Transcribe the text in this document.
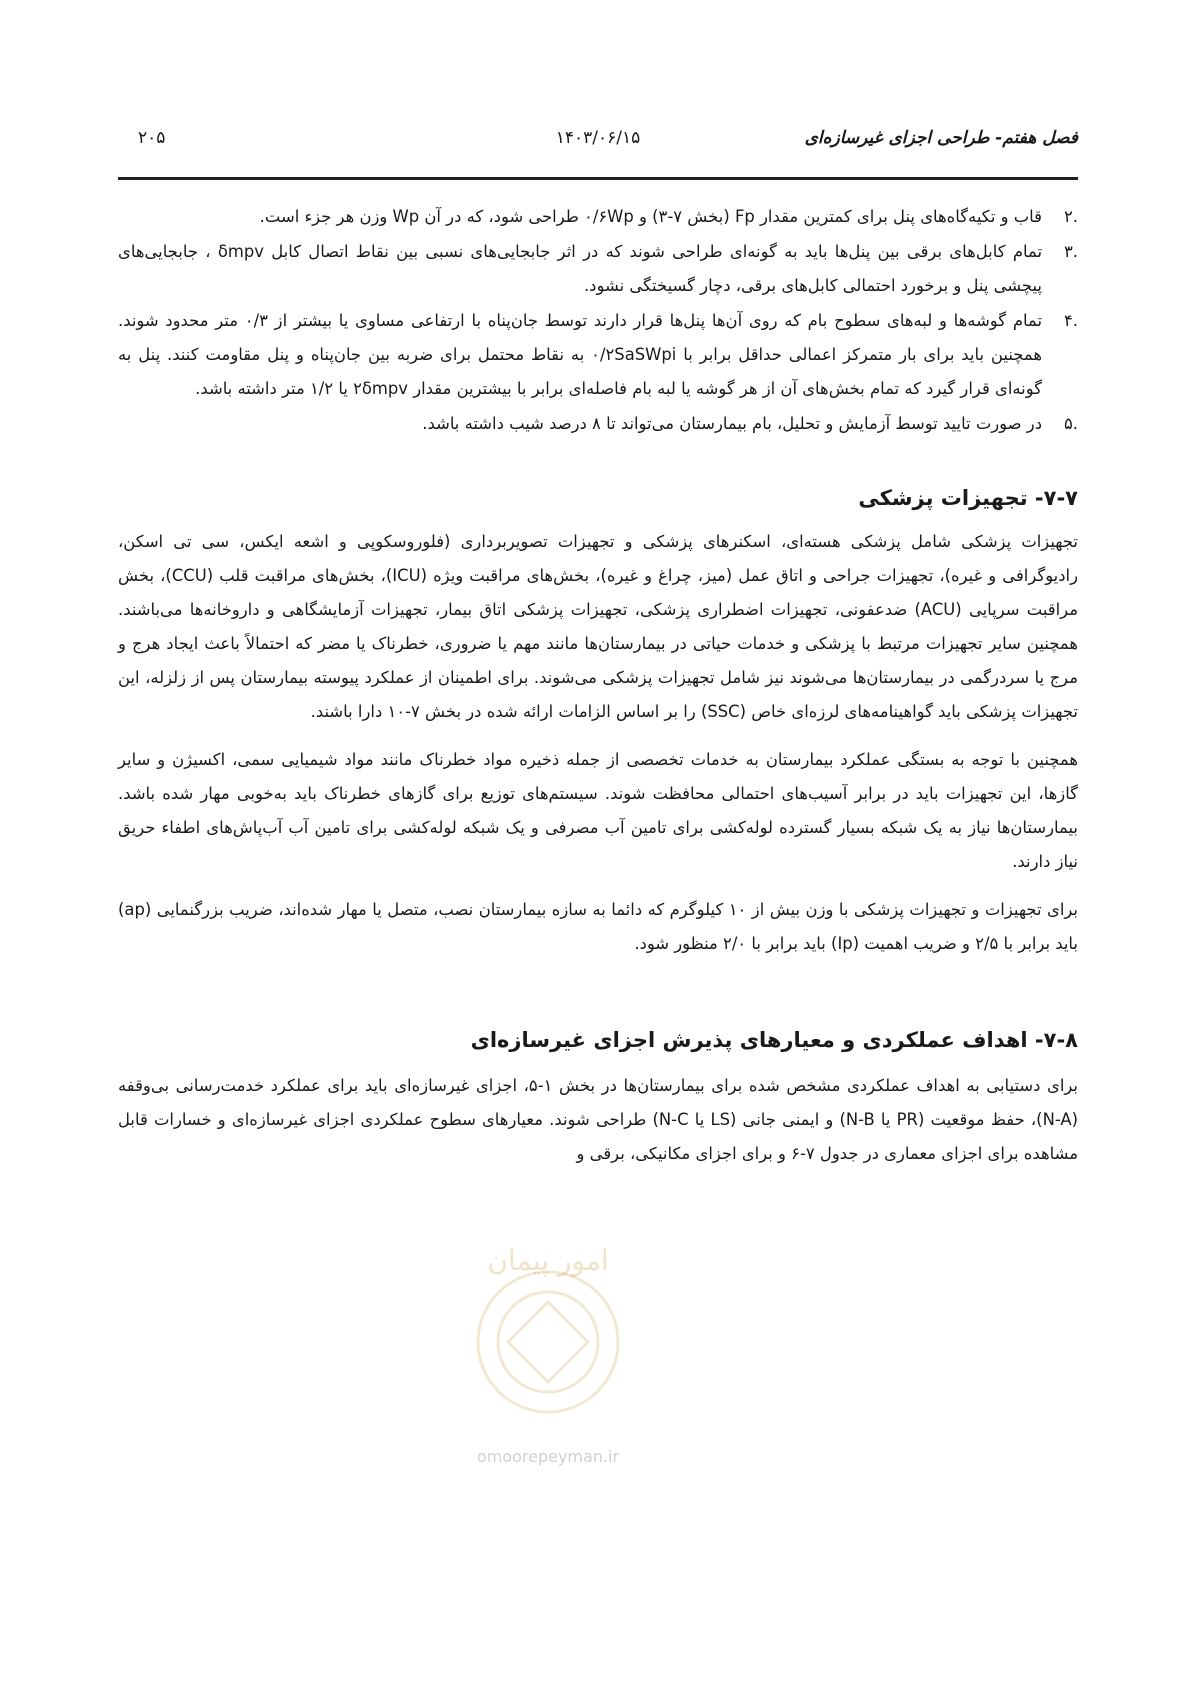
فصل هفتم- طراحی اجزای غیرسازه‌ای
۱۴۰۳/۰۶/۱۵
۲۰۵
.۲
قاب و تکیه‌گاه‌های پنل برای کمترین مقدار Fp (بخش ۷-۳) و ۰/۶Wp طراحی شود، که در آن Wp وزن هر جزء است.
.۳
تمام کابل‌های برقی بین پنل‌ها باید به گونه‌ای طراحی شوند که در اثر جابجایی‌های نسبی بین نقاط اتصال کابل δmpv ، جابجایی‌های پیچشی پنل و برخورد احتمالی کابل‌های برقی، دچار گسیختگی نشود.
.۴
تمام گوشه‌ها و لبه‌های سطوح بام که روی آن‌ها پنل‌ها قرار دارند توسط جان‌پناه با ارتفاعی مساوی یا بیشتر از ۰/۳ متر محدود شوند. همچنین باید برای بار متمرکز اعمالی حداقل برابر با ۰/۲SaSWpi به نقاط محتمل برای ضربه بین جان‌پناه و پنل مقاومت کنند. پنل به گونه‌ای قرار گیرد که تمام بخش‌های آن از هر گوشه یا لبه بام فاصله‌ای برابر با بیشترین مقدار ۲δmpv یا ۱/۲ متر داشته باشد.
.۵
در صورت تایید توسط آزمایش و تحلیل، بام بیمارستان می‌تواند تا ۸ درصد شیب داشته باشد.
۷-۷- تجهیزات پزشکی

تجهیزات پزشکی شامل پزشکی هسته‌ای، اسکنرهای پزشکی و تجهیزات تصویربرداری (فلوروسکوپی و اشعه ایکس، سی تی اسکن، رادیوگرافی و غیره)، تجهیزات جراحی و اتاق عمل (میز، چراغ و غیره)، بخش‌های مراقبت ویژه (ICU)، بخش‌های مراقبت قلب (CCU)، بخش مراقبت سرپایی (ACU) ضدعفونی، تجهیزات اضطراری پزشکی، تجهیزات پزشکی اتاق بیمار، تجهیزات آزمایشگاهی و داروخانه‌ها می‌باشند. همچنین سایر تجهیزات مرتبط با پزشکی و خدمات حیاتی در بیمارستان‌ها مانند مهم یا ضروری، خطرناک یا مضر که احتمالاً باعث ایجاد هرج و مرج یا سردرگمی در بیمارستان‌ها می‌شوند نیز شامل تجهیزات پزشکی می‌شوند. برای اطمینان از عملکرد پیوسته بیمارستان پس از زلزله، این تجهیزات پزشکی باید گواهینامه‌های لرزه‌ای خاص (SSC) را بر اساس الزامات ارائه شده در بخش ۷-۱۰ دارا باشند.

همچنین با توجه به بستگی عملکرد بیمارستان به خدمات تخصصی از جمله ذخیره مواد خطرناک مانند مواد شیمیایی سمی، اکسیژن و سایر گازها، این تجهیزات باید در برابر آسیب‌های احتمالی محافظت شوند. سیستم‌های توزیع برای گازهای خطرناک باید به‌خوبی مهار شده باشد. بیمارستان‌ها نیاز به یک شبکه بسیار گسترده لوله‌کشی برای تامین آب مصرفی و یک شبکه لوله‌کشی برای تامین آب آب‌پاش‌های اطفاء حریق نیاز دارند.

برای تجهیزات و تجهیزات پزشکی با وزن بیش از ۱۰ کیلوگرم که دائما به سازه بیمارستان نصب، متصل یا مهار شده‌اند، ضریب بزرگنمایی (ap) باید برابر با ۲/۵ و ضریب اهمیت (Ip) باید برابر با ۲/۰ منظور شود.

۷-۸- اهداف عملکردی و معیارهای پذیرش اجزای غیرسازه‌ای

برای دستیابی به اهداف عملکردی مشخص شده برای بیمارستان‌ها در بخش ۱-۵، اجزای غیرسازه‌ای باید برای عملکرد خدمت‌رسانی بی‌وقفه (N-A)، حفظ موقعیت (PR یا N-B) و ایمنی جانی (LS یا N-C) طراحی شوند. معیارهای سطوح عملکردی اجزای غیرسازه‌ای و خسارات قابل مشاهده برای اجزای معماری در جدول ۷-۶ و برای اجزای مکانیکی، برقی و

امور پیمان
omoorepeyman.ir
